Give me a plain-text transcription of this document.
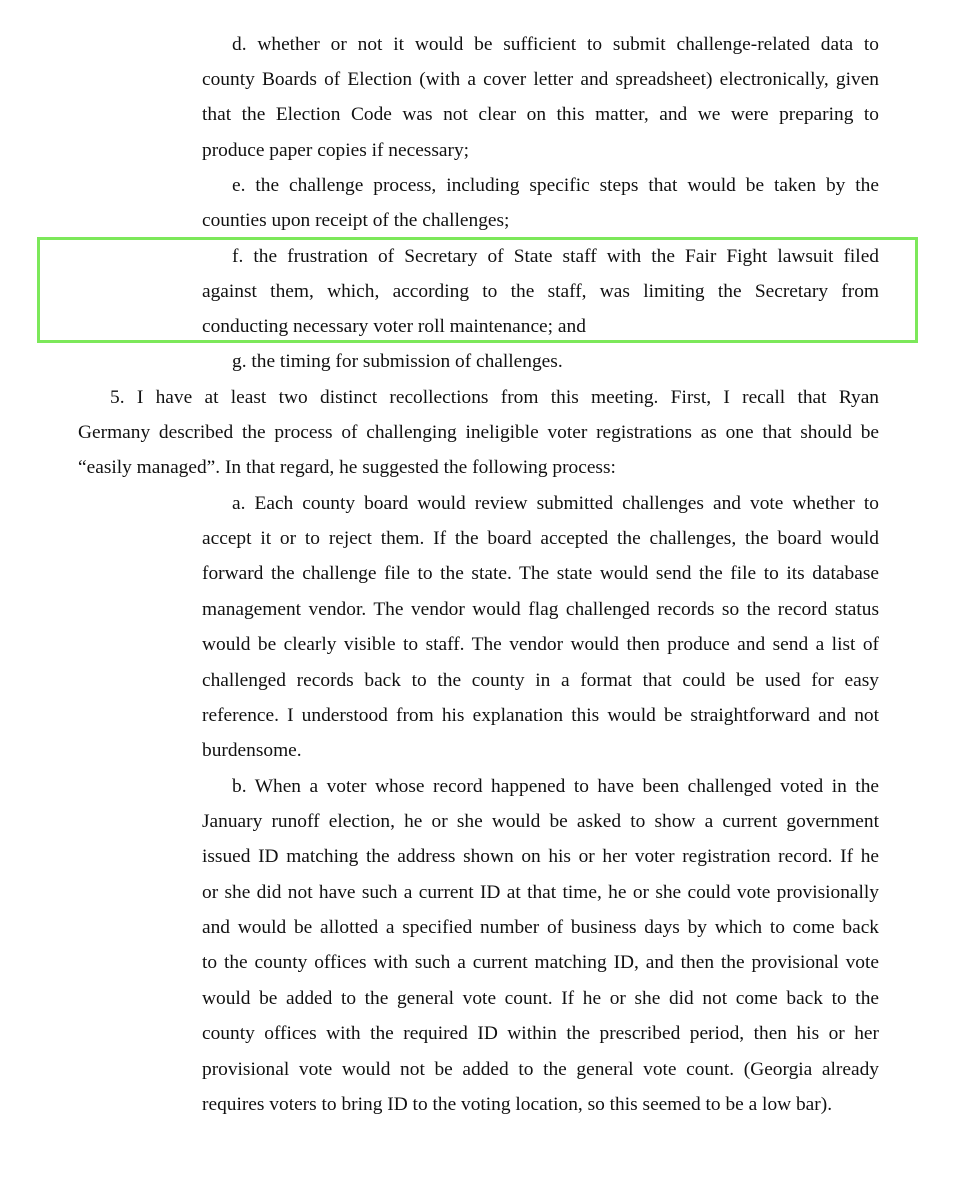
d. whether or not it would be sufficient to submit challenge-related data to

county Boards of Election (with a cover letter and spreadsheet) electronically, given

that the Election Code was not clear on this matter, and we were preparing to

produce paper copies if necessary;

e. the challenge process, including specific steps that would be taken by the

counties upon receipt of the challenges;

f. the frustration of Secretary of State staff with the Fair Fight lawsuit filed

against them, which, according to the staff, was limiting the Secretary from

conducting necessary voter roll maintenance; and

g. the timing for submission of challenges.

5. I have at least two distinct recollections from this meeting. First, I recall that Ryan

Germany described the process of challenging ineligible voter registrations as one that should be

“easily managed”. In that regard, he suggested the following process:

a. Each county board would review submitted challenges and vote whether to

accept it or to reject them. If the board accepted the challenges, the board would

forward the challenge file to the state. The state would send the file to its database

management vendor. The vendor would flag challenged records so the record status

would be clearly visible to staff. The vendor would then produce and send a list of

challenged records back to the county in a format that could be used for easy

reference. I understood from his explanation this would be straightforward and not

burdensome.

b. When a voter whose record happened to have been challenged voted in the

January runoff election, he or she would be asked to show a current government

issued ID matching the address shown on his or her voter registration record. If he

or she did not have such a current ID at that time, he or she could vote provisionally

and would be allotted a specified number of business days by which to come back

to the county offices with such a current matching ID, and then the provisional vote

would be added to the general vote count. If he or she did not come back to the

county offices with the required ID within the prescribed period, then his or her

provisional vote would not be added to the general vote count. (Georgia already

requires voters to bring ID to the voting location, so this seemed to be a low bar).
